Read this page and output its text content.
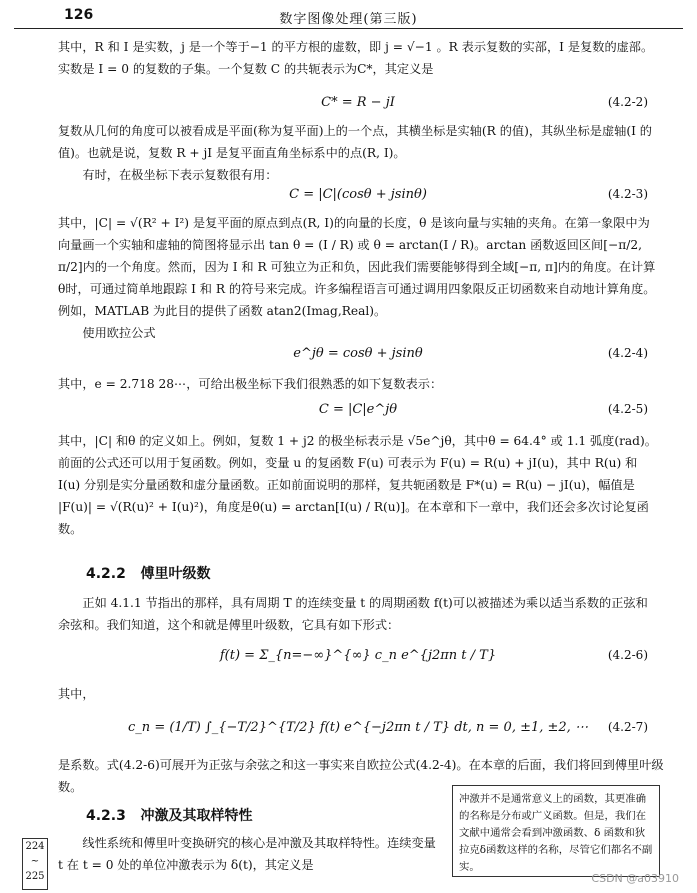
126	数字图像处理(第三版)
其中，R 和 I 是实数，j 是一个等于−1 的平方根的虚数，即 j = √−1 。R 表示复数的实部，I 是复数的虚部。实数是 I = 0 的复数的子集。一个复数 C 的共轭表示为C*，其定义是
C* = R − jI	(4.2-2)
复数从几何的角度可以被看成是平面(称为复平面)上的一个点，其横坐标是实轴(R 的值)，其纵坐标是虚轴(I 的值)。也就是说，复数 R + jI 是复平面直角坐标系中的点(R, I)。
有时，在极坐标下表示复数很有用：
C = |C|(cosθ + jsinθ)	(4.2-3)
其中，|C| = √(R² + I²) 是复平面的原点到点(R, I)的向量的长度，θ 是该向量与实轴的夹角。在第一象限中为向量画一个实轴和虚轴的简图将显示出 tan θ = (I / R) 或 θ = arctan(I / R)。arctan 函数返回区间[−π/2, π/2]内的一个角度。然而，因为 I 和 R 可独立为正和负，因此我们需要能够得到全域[−π, π]内的角度。在计算θ时，可通过简单地跟踪 I 和 R 的符号来完成。许多编程语言可通过调用四象限反正切函数来自动地计算角度。例如，MATLAB 为此目的提供了函数 atan2(Imag,Real)。
使用欧拉公式
e^jθ = cosθ + jsinθ	(4.2-4)
其中，e = 2.718 28⋯，可给出极坐标下我们很熟悉的如下复数表示：
C = |C|e^jθ	(4.2-5)
其中，|C| 和θ 的定义如上。例如，复数 1 + j2 的极坐标表示是 √5e^jθ，其中θ = 64.4° 或 1.1 弧度(rad)。前面的公式还可以用于复函数。例如，变量 u 的复函数 F(u) 可表示为 F(u) = R(u) + jI(u)，其中 R(u) 和 I(u) 分别是实分量函数和虚分量函数。正如前面说明的那样，复共轭函数是 F*(u) = R(u) − jI(u)，幅值是 |F(u)| = √(R(u)² + I(u)²)，角度是θ(u) = arctan[I(u) / R(u)]。在本章和下一章中，我们还会多次讨论复函数。
4.2.2 傅里叶级数
正如 4.1.1 节指出的那样，具有周期 T 的连续变量 t 的周期函数 f(t)可以被描述为乘以适当系数的正弦和余弦和。我们知道，这个和就是傅里叶级数，它具有如下形式：
f(t) = Σ_{n=−∞}^{∞} c_n e^{j2πn t / T}	(4.2-6)
其中，
c_n = (1/T) ∫_{−T/2}^{T/2} f(t) e^{−j2πn t / T} dt, n = 0, ±1, ±2, ⋯	(4.2-7)
是系数。式(4.2-6)可展开为正弦与余弦之和这一事实来自欧拉公式(4.2-4)。在本章的后面，我们将回到傅里叶级数。
4.2.3 冲激及其取样特性
线性系统和傅里叶变换研究的核心是冲激及其取样特性。连续变量 t 在 t = 0 处的单位冲激表示为 δ(t)，其定义是
冲激并不是通常意义上的函数，其更准确的名称是分布或广义函数。但是，我们在文献中通常会看到冲激函数、δ 函数和狄拉克δ函数这样的名称，尽管它们都名不副实。
224
~
225	CSDN @a03910
